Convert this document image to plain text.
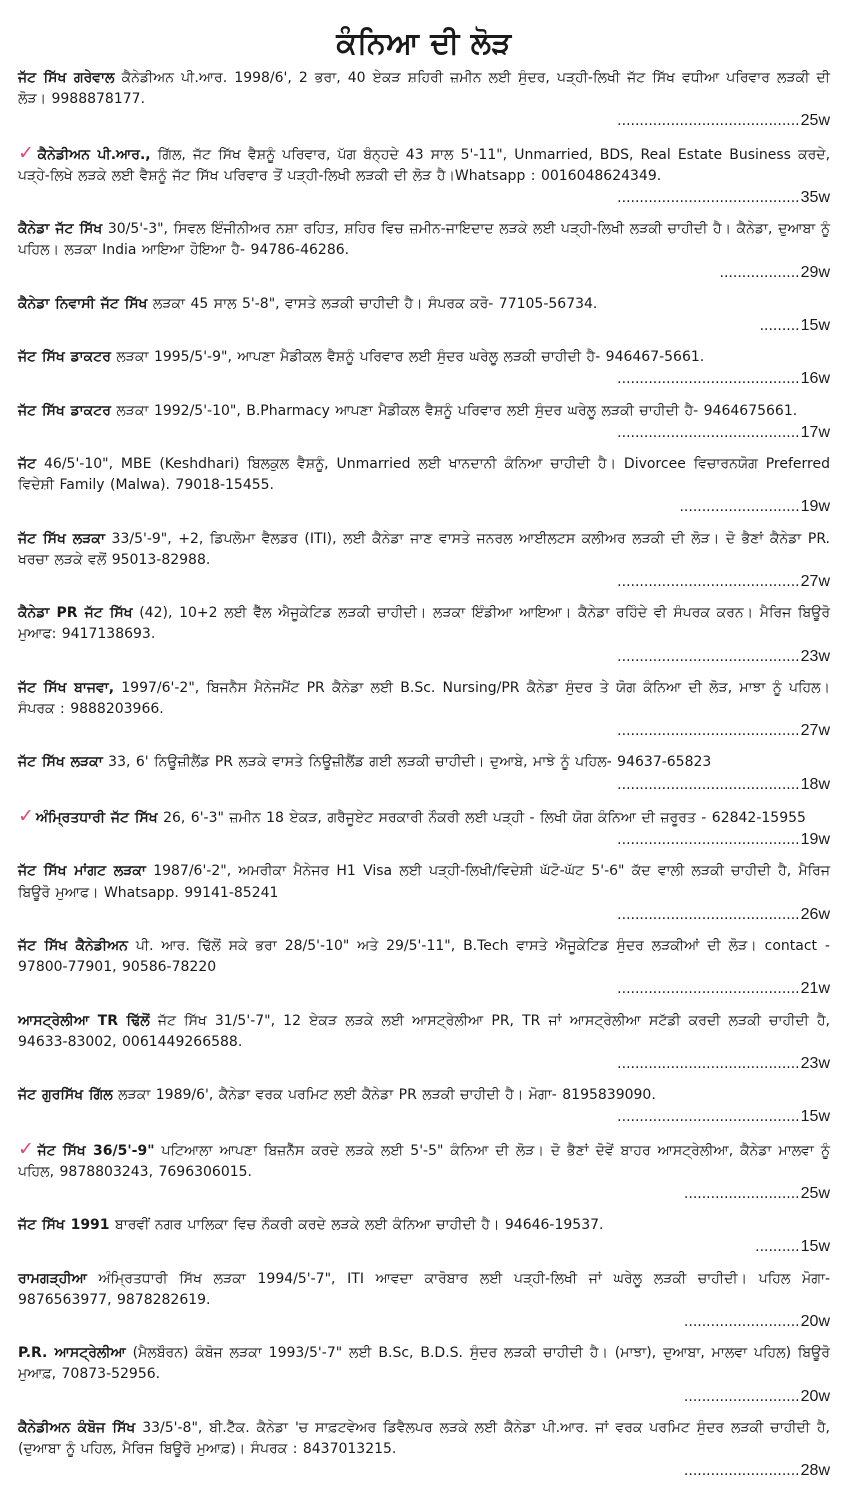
ਕੰਨਿਆ ਦੀ ਲੋੜ
ਜੱਟ ਸਿੱਖ ਗਰੇਵਾਲ ਕੈਨੇਡੀਅਨ ਪੀ.ਆਰ. 1998/6', 2 ਭਰਾ, 40 ਏਕੜ ਸ਼ਹਿਰੀ ਜ਼ਮੀਨ ਲਈ ਸੁੰਦਰ, ਪੜ੍ਹੀ-ਲਿਖੀ ਜੱਟ ਸਿੱਖ ਵਧੀਆ ਪਰਿਵਾਰ ਲੜਕੀ ਦੀ ਲੋੜ। 9988878177.
......................................... 25w
✓ ਕੈਨੇਡੀਅਨ ਪੀ.ਆਰ., ਗਿੱਲ, ਜੱਟ ਸਿੱਖ ਵੈਸ਼ਨੂੰ ਪਰਿਵਾਰ, ਪੱਗ ਬੰਨ੍ਹਦੇ 43 ਸਾਲ 5'-11", Unmarried, BDS, Real Estate Business ਕਰਦੇ, ਪੜ੍ਹੇ-ਲਿਖੇ ਲੜਕੇ ਲਈ ਵੈਸ਼ਨੂੰ ਜੱਟ ਸਿੱਖ ਪਰਿਵਾਰ ਤੋਂ ਪੜ੍ਹੀ-ਲਿਖੀ ਲੜਕੀ ਦੀ ਲੋੜ ਹੈ।Whatsapp : 0016048624349.
......................................... 35w
ਕੈਨੇਡਾ ਜੱਟ ਸਿੱਖ 30/5'-3", ਸਿਵਲ ਇੰਜੀਨੀਅਰ ਨਸ਼ਾ ਰਹਿਤ, ਸ਼ਹਿਰ ਵਿਚ ਜ਼ਮੀਨ-ਜਾਇਦਾਦ ਲੜਕੇ ਲਈ ਪੜ੍ਹੀ-ਲਿਖੀ ਲੜਕੀ ਚਾਹੀਦੀ ਹੈ। ਕੈਨੇਡਾ, ਦੁਆਬਾ ਨੂੰ ਪਹਿਲ। ਲੜਕਾ India ਆਇਆ ਹੋਇਆ ਹੈ- 94786-46286.
.................. 29w
ਕੈਨੇਡਾ ਨਿਵਾਸੀ ਜੱਟ ਸਿੱਖ ਲੜਕਾ 45 ਸਾਲ 5'-8", ਵਾਸਤੇ ਲੜਕੀ ਚਾਹੀਦੀ ਹੈ। ਸੰਪਰਕ ਕਰੋ- 77105-56734.
......... 15w
ਜੱਟ ਸਿੱਖ ਡਾਕਟਰ ਲੜਕਾ 1995/5'-9", ਆਪਣਾ ਮੈਡੀਕਲ ਵੈਸ਼ਨੂੰ ਪਰਿਵਾਰ ਲਈ ਸੁੰਦਰ ਘਰੇਲੂ ਲੜਕੀ ਚਾਹੀਦੀ ਹੈ- 946467-5661.
......................................... 16w
ਜੱਟ ਸਿੱਖ ਡਾਕਟਰ ਲੜਕਾ 1992/5'-10", B.Pharmacy ਆਪਣਾ ਮੈਡੀਕਲ ਵੈਸ਼ਨੂੰ ਪਰਿਵਾਰ ਲਈ ਸੁੰਦਰ ਘਰੇਲੂ ਲੜਕੀ ਚਾਹੀਦੀ ਹੈ- 9464675661.
......................................... 17w
ਜੱਟ 46/5'-10", MBE (Keshdhari) ਬਿਲਕੁਲ ਵੈਸ਼ਨੂੰ, Unmarried ਲਈ ਖਾਨਦਾਨੀ ਕੰਨਿਆ ਚਾਹੀਦੀ ਹੈ। Divorcee ਵਿਚਾਰਨਯੋਗ Preferred ਵਿਦੇਸ਼ੀ Family (Malwa). 79018-15455.
........................... 19w
ਜੱਟ ਸਿੱਖ ਲੜਕਾ 33/5'-9", +2, ਡਿਪਲੋਮਾ ਵੈਲਡਰ (ITI), ਲਈ ਕੈਨੇਡਾ ਜਾਣ ਵਾਸਤੇ ਜਨਰਲ ਆਈਲਟਸ ਕਲੀਅਰ ਲੜਕੀ ਦੀ ਲੋੜ। ਦੋ ਭੈਣਾਂ ਕੈਨੇਡਾ PR. ਖਰਚਾ ਲੜਕੇ ਵਲੋਂ 95013-82988.
......................................... 27w
ਕੈਨੇਡਾ PR ਜੱਟ ਸਿੱਖ (42), 10+2 ਲਈ ਵੈੱਲ ਐਜੂਕੇਟਿਡ ਲੜਕੀ ਚਾਹੀਦੀ। ਲੜਕਾ ਇੰਡੀਆ ਆਇਆ। ਕੈਨੇਡਾ ਰਹਿੰਦੇ ਵੀ ਸੰਪਰਕ ਕਰਨ। ਮੈਰਿਜ ਬਿਊਰੋ ਮੁਆਫ: 9417138693.
......................................... 23w
ਜੱਟ ਸਿੱਖ ਬਾਜਵਾ, 1997/6'-2", ਬਿਜਨੈਸ ਮੈਨੇਜਮੈਂਟ PR ਕੈਨੇਡਾ ਲਈ B.Sc. Nursing/PR ਕੈਨੇਡਾ ਸੁੰਦਰ ਤੇ ਯੋਗ ਕੰਨਿਆ ਦੀ ਲੋੜ, ਮਾਝਾ ਨੂੰ ਪਹਿਲ। ਸੰਪਰਕ : 9888203966.
......................................... 27w
ਜੱਟ ਸਿੱਖ ਲੜਕਾ 33, 6' ਨਿਊਜ਼ੀਲੈਂਡ PR ਲੜਕੇ ਵਾਸਤੇ ਨਿਊਜ਼ੀਲੈਂਡ ਗਈ ਲੜਕੀ ਚਾਹੀਦੀ। ਦੁਆਬੇ, ਮਾਝੇ ਨੂੰ ਪਹਿਲ- 94637-65823
......................................... 18w
✓ ਅੰਮ੍ਰਿਤਧਾਰੀ ਜੱਟ ਸਿੱਖ 26, 6'-3" ਜ਼ਮੀਨ 18 ਏਕੜ, ਗਰੈਜੂਏਟ ਸਰਕਾਰੀ ਨੌਕਰੀ ਲਈ ਪੜ੍ਹੀ - ਲਿਖੀ ਯੋਗ ਕੰਨਿਆ ਦੀ ਜ਼ਰੂਰਤ - 62842-15955
......................................... 19w
ਜੱਟ ਸਿੱਖ ਮਾਂਗਟ ਲੜਕਾ 1987/6'-2", ਅਮਰੀਕਾ ਮੈਨੇਜਰ H1 Visa ਲਈ ਪੜ੍ਹੀ-ਲਿਖੀ/ਵਿਦੇਸ਼ੀ ਘੱਟੋ-ਘੱਟ 5'-6" ਕੱਦ ਵਾਲੀ ਲੜਕੀ ਚਾਹੀਦੀ ਹੈ, ਮੈਰਿਜ ਬਿਊਰੋ ਮੁਆਫ। Whatsapp. 99141-85241
......................................... 26w
ਜੱਟ ਸਿੱਖ ਕੈਨੇਡੀਅਨ ਪੀ. ਆਰ. ਢਿੱਲੋਂ ਸਕੇ ਭਰਾ 28/5'-10" ਅਤੇ 29/5'-11", B.Tech ਵਾਸਤੇ ਐਜੂਕੇਟਿਡ ਸੁੰਦਰ ਲੜਕੀਆਂ ਦੀ ਲੋੜ। contact - 97800-77901, 90586-78220
......................................... 21w
ਆਸਟ੍ਰੇਲੀਆ TR ਢਿੱਲੋਂ ਜੱਟ ਸਿੱਖ 31/5'-7", 12 ਏਕੜ ਲੜਕੇ ਲਈ ਆਸਟ੍ਰੇਲੀਆ PR, TR ਜਾਂ ਆਸਟ੍ਰੇਲੀਆ ਸਟੱਡੀ ਕਰਦੀ ਲੜਕੀ ਚਾਹੀਦੀ ਹੈ, 94633-83002, 0061449266588.
......................................... 23w
ਜੱਟ ਗੁਰਸਿੱਖ ਗਿੱਲ ਲੜਕਾ 1989/6', ਕੈਨੇਡਾ ਵਰਕ ਪਰਮਿਟ ਲਈ ਕੈਨੇਡਾ PR ਲੜਕੀ ਚਾਹੀਦੀ ਹੈ। ਮੋਗਾ- 8195839090.
......................................... 15w
✓ ਜੱਟ ਸਿੱਖ 36/5'-9" ਪਟਿਆਲਾ ਆਪਣਾ ਬਿਜ਼ਨੈੱਸ ਕਰਦੇ ਲੜਕੇ ਲਈ 5'-5" ਕੰਨਿਆ ਦੀ ਲੋੜ। ਦੋ ਭੈਣਾਂ ਦੋਵੇਂ ਬਾਹਰ ਆਸਟ੍ਰੇਲੀਆ, ਕੈਨੇਡਾ ਮਾਲਵਾ ਨੂੰ ਪਹਿਲ, 9878803243, 7696306015.
.......................... 25w
ਜੱਟ ਸਿੱਖ 1991 ਬਾਰਵੀਂ ਨਗਰ ਪਾਲਿਕਾ ਵਿਚ ਨੌਕਰੀ ਕਰਦੇ ਲੜਕੇ ਲਈ ਕੰਨਿਆ ਚਾਹੀਦੀ ਹੈ। 94646-19537.
.......... 15w
ਰਾਮਗੜ੍ਹੀਆ ਅੰਮ੍ਰਿਤਧਾਰੀ ਸਿੱਖ ਲੜਕਾ 1994/5'-7", ITI ਆਵਦਾ ਕਾਰੋਬਾਰ ਲਈ ਪੜ੍ਹੀ-ਲਿਖੀ ਜਾਂ ਘਰੇਲੂ ਲੜਕੀ ਚਾਹੀਦੀ। ਪਹਿਲ ਮੋਗਾ- 9876563977, 9878282619.
.......................... 20w
P.R. ਆਸਟ੍ਰੇਲੀਆ (ਮੈਲਬੌਰਨ) ਕੰਬੋਜ ਲੜਕਾ 1993/5'-7" ਲਈ B.Sc, B.D.S. ਸੁੰਦਰ ਲੜਕੀ ਚਾਹੀਦੀ ਹੈ। (ਮਾਝਾ), ਦੁਆਬਾ, ਮਾਲਵਾ ਪਹਿਲ) ਬਿਊਰੋ ਮੁਆਫ਼, 70873-52956.
.......................... 20w
ਕੈਨੇਡੀਅਨ ਕੰਬੋਜ ਸਿੱਖ 33/5'-8", ਬੀ.ਟੈੱਕ. ਕੈਨੇਡਾ 'ਚ ਸਾਫ਼ਟਵੇਅਰ ਡਿਵੈਲਪਰ ਲੜਕੇ ਲਈ ਕੈਨੇਡਾ ਪੀ.ਆਰ. ਜਾਂ ਵਰਕ ਪਰਮਿਟ ਸੁੰਦਰ ਲੜਕੀ ਚਾਹੀਦੀ ਹੈ, (ਦੁਆਬਾ ਨੂੰ ਪਹਿਲ, ਮੈਰਿਜ ਬਿਊਰੋ ਮੁਆਫ਼)। ਸੰਪਰਕ : 8437013215.
.......................... 28w
